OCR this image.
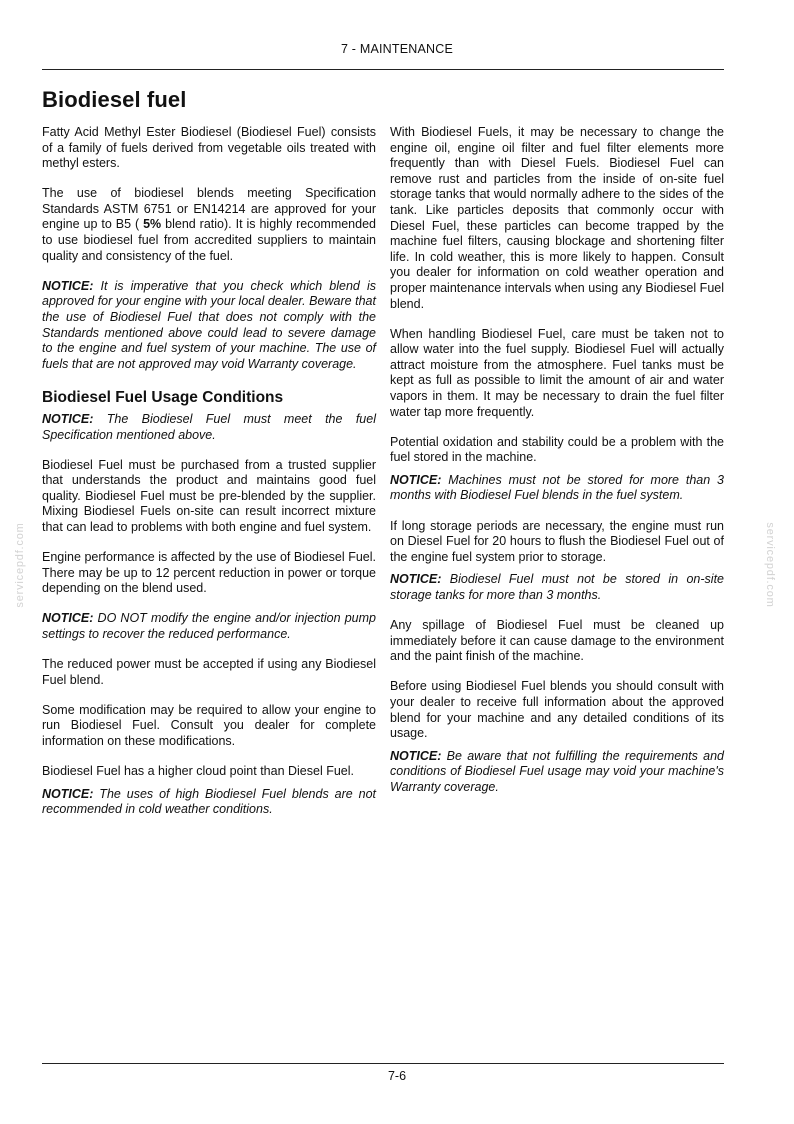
7 - MAINTENANCE
Biodiesel fuel

Fatty Acid Methyl Ester Biodiesel (Biodiesel Fuel) consists of a family of fuels derived from vegetable oils treated with methyl esters.

The use of biodiesel blends meeting Specification Standards ASTM 6751 or EN14214 are approved for your engine up to B5 ( 5% blend ratio). It is highly recommended to use biodiesel fuel from accredited suppliers to maintain quality and consistency of the fuel.

NOTICE: It is imperative that you check which blend is approved for your engine with your local dealer. Beware that the use of Biodiesel Fuel that does not comply with the Standards mentioned above could lead to severe damage to the engine and fuel system of your machine. The use of fuels that are not approved may void Warranty coverage.

Biodiesel Fuel Usage Conditions

NOTICE: The Biodiesel Fuel must meet the fuel Specification mentioned above.

Biodiesel Fuel must be purchased from a trusted supplier that understands the product and maintains good fuel quality. Biodiesel Fuel must be pre-blended by the supplier. Mixing Biodiesel Fuels on-site can result incorrect mixture that can lead to problems with both engine and fuel system.

Engine performance is affected by the use of Biodiesel Fuel. There may be up to 12 percent reduction in power or torque depending on the blend used.

NOTICE: DO NOT modify the engine and/or injection pump settings to recover the reduced performance.

The reduced power must be accepted if using any Biodiesel Fuel blend.

Some modification may be required to allow your engine to run Biodiesel Fuel. Consult you dealer for complete information on these modifications.

Biodiesel Fuel has a higher cloud point than Diesel Fuel.

NOTICE: The uses of high Biodiesel Fuel blends are not recommended in cold weather conditions.

With Biodiesel Fuels, it may be necessary to change the engine oil, engine oil filter and fuel filter elements more frequently than with Diesel Fuels. Biodiesel Fuel can remove rust and particles from the inside of on-site fuel storage tanks that would normally adhere to the sides of the tank. Like particles deposits that commonly occur with Diesel Fuel, these particles can become trapped by the machine fuel filters, causing blockage and shortening filter life. In cold weather, this is more likely to happen. Consult you dealer for information on cold weather operation and proper maintenance intervals when using any Biodiesel Fuel blend.

When handling Biodiesel Fuel, care must be taken not to allow water into the fuel supply. Biodiesel Fuel will actually attract moisture from the atmosphere. Fuel tanks must be kept as full as possible to limit the amount of air and water vapors in them. It may be necessary to drain the fuel filter water tap more frequently.

Potential oxidation and stability could be a problem with the fuel stored in the machine.

NOTICE: Machines must not be stored for more than 3 months with Biodiesel Fuel blends in the fuel system.

If long storage periods are necessary, the engine must run on Diesel Fuel for 20 hours to flush the Biodiesel Fuel out of the engine fuel system prior to storage.

NOTICE: Biodiesel Fuel must not be stored in on-site storage tanks for more than 3 months.

Any spillage of Biodiesel Fuel must be cleaned up immediately before it can cause damage to the environment and the paint finish of the machine.

Before using Biodiesel Fuel blends you should consult with your dealer to receive full information about the approved blend for your machine and any detailed conditions of its usage.

NOTICE: Be aware that not fulfilling the requirements and conditions of Biodiesel Fuel usage may void your machine's Warranty coverage.

servicepdf.com	servicepdf.com
7-6
